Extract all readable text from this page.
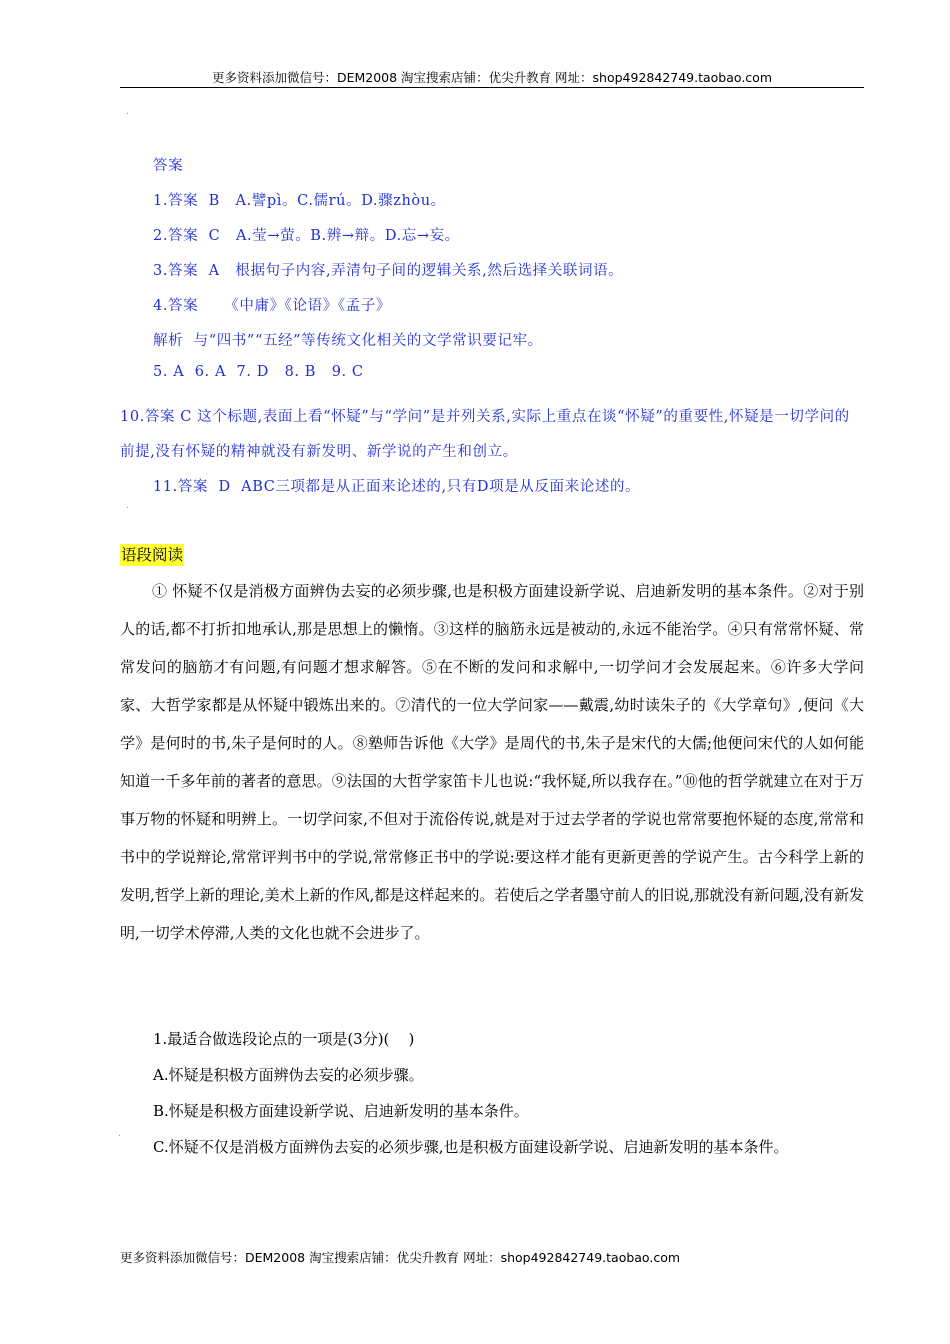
更多资料添加微信号：DEM2008 淘宝搜索店铺：优尖升教育 网址：shop492842749.taobao.com
.
答案
1.答案  B   A.譬pì。C.儒rú。D.骤zhòu。
2.答案  C   A.莹→萤。B.辨→辩。D.忘→妄。
3.答案  A   根据句子内容,弄清句子间的逻辑关系,然后选择关联词语。
4.答案     《中庸》《论语》《孟子》
解析  与“四书”“五经”等传统文化相关的文学常识要记牢。
5. A  6. A  7. D   8. B   9. C
10.答案 C 这个标题,表面上看“怀疑”与“学问”是并列关系,实际上重点在谈“怀疑”的重要性,怀疑是一切学问的前提,没有怀疑的精神就没有新发明、新学说的产生和创立。
11.答案  D  ABC三项都是从正面来论述的,只有D项是从反面来论述的。
.
语段阅读
① 怀疑不仅是消极方面辨伪去妄的必须步骤,也是积极方面建设新学说、启迪新发明的基本条件。②对于别人的话,都不打折扣地承认,那是思想上的懒惰。③这样的脑筋永远是被动的,永远不能治学。④只有常常怀疑、常常发问的脑筋才有问题,有问题才想求解答。⑤在不断的发问和求解中,一切学问才会发展起来。⑥许多大学问家、大哲学家都是从怀疑中锻炼出来的。⑦清代的一位大学问家——戴震,幼时读朱子的《大学章句》,便问《大学》是何时的书,朱子是何时的人。⑧塾师告诉他《大学》是周代的书,朱子是宋代的大儒;他便问宋代的人如何能知道一千多年前的著者的意思。⑨法国的大哲学家笛卡儿也说:“我怀疑,所以我存在。”⑩他的哲学就建立在对于万事万物的怀疑和明辨上。一切学问家,不但对于流俗传说,就是对于过去学者的学说也常常要抱怀疑的态度,常常和书中的学说辩论,常常评判书中的学说,常常修正书中的学说:要这样才能有更新更善的学说产生。古今科学上新的发明,哲学上新的理论,美术上新的作风,都是这样起来的。若使后之学者墨守前人的旧说,那就没有新问题,没有新发明,一切学术停滞,人类的文化也就不会进步了。
1.最适合做选段论点的一项是(3分)(    )
A.怀疑是积极方面辨伪去妄的必须步骤。
B.怀疑是积极方面建设新学说、启迪新发明的基本条件。
C.怀疑不仅是消极方面辨伪去妄的必须步骤,也是积极方面建设新学说、启迪新发明的基本条件。
.
更多资料添加微信号：DEM2008 淘宝搜索店铺：优尖升教育 网址：shop492842749.taobao.com
